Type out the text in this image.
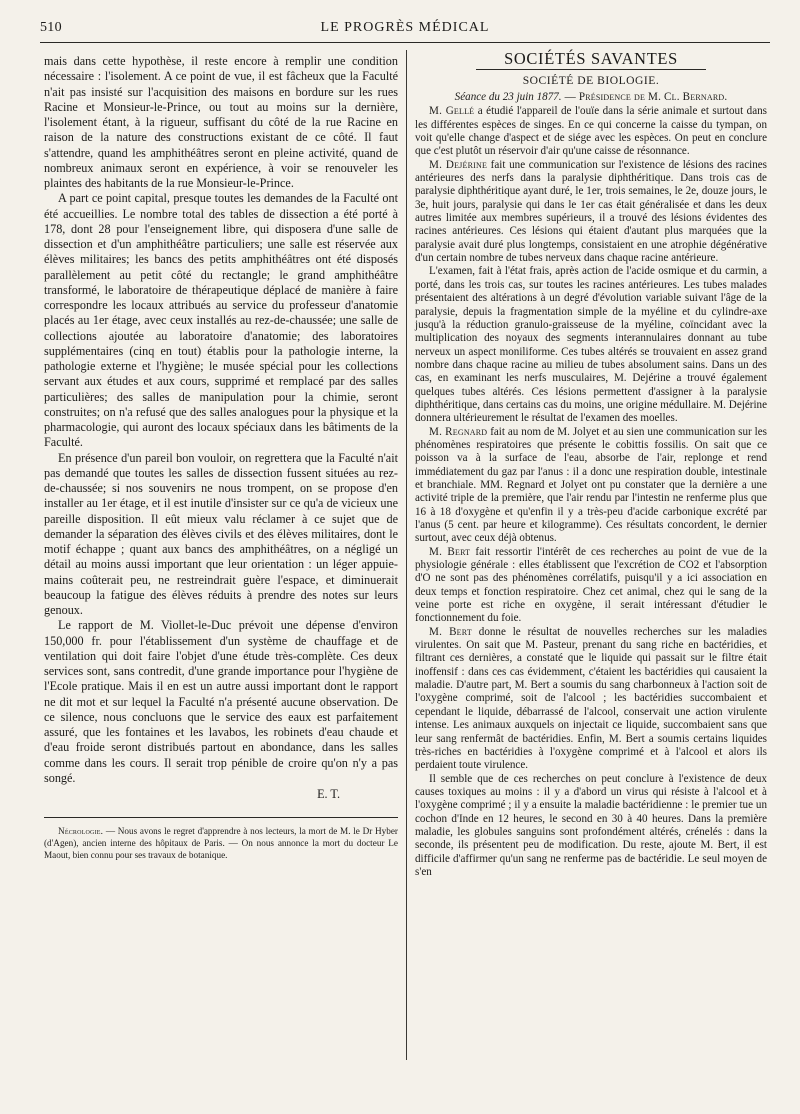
510	LE PROGRÈS MÉDICAL

mais dans cette hypothèse, il reste encore à remplir une condition nécessaire : l'isolement. A ce point de vue, il est fâcheux que la Faculté n'ait pas insisté sur l'acquisition des maisons en bordure sur les rues Racine et Monsieur-le-Prince, ou tout au moins sur la dernière, l'isolement étant, à la rigueur, suffisant du côté de la rue Racine en raison de la nature des constructions existant de ce côté. Il faut s'attendre, quand les amphithéâtres seront en pleine activité, quand de nombreux animaux seront en expérience, à voir se renouveler les plaintes des habitants de la rue Monsieur-le-Prince.

A part ce point capital, presque toutes les demandes de la Faculté ont été accueillies. Le nombre total des tables de dissection a été porté à 178, dont 28 pour l'enseignement libre, qui disposera d'une salle de dissection et d'un amphithéâtre particuliers; une salle est réservée aux élèves militaires; les bancs des petits amphithéâtres ont été disposés parallèlement au petit côté du rectangle; le grand amphithéâtre transformé, le laboratoire de thérapeutique déplacé de manière à faire correspondre les locaux attribués au service du professeur d'anatomie placés au 1er étage, avec ceux installés au rez-de-chaussée; une salle de collections ajoutée au laboratoire d'anatomie; des laboratoires supplémentaires (cinq en tout) établis pour la pathologie interne, la pathologie externe et l'hygiène; le musée spécial pour les collections servant aux études et aux cours, supprimé et remplacé par des salles particulières; des salles de manipulation pour la chimie, seront construites; on n'a refusé que des salles analogues pour la physique et la pharmacologie, qui auront des locaux spéciaux dans les bâtiments de la Faculté.

En présence d'un pareil bon vouloir, on regrettera que la Faculté n'ait pas demandé que toutes les salles de dissection fussent situées au rez-de-chaussée; si nos souvenirs ne nous trompent, on se propose d'en installer au 1er étage, et il est inutile d'insister sur ce qu'a de vicieux une pareille disposition. Il eût mieux valu réclamer à ce sujet que de demander la séparation des élèves civils et des élèves militaires, dont le motif échappe ; quant aux bancs des amphithéâtres, on a négligé un détail au moins aussi important que leur orientation : un léger appuie-mains coûterait peu, ne restreindrait guère l'espace, et diminuerait beaucoup la fatigue des élèves réduits à prendre des notes sur leurs genoux.

Le rapport de M. Viollet-le-Duc prévoit une dépense d'environ 150,000 fr. pour l'établissement d'un système de chauffage et de ventilation qui doit faire l'objet d'une étude très-complète. Ces deux services sont, sans contredit, d'une grande importance pour l'hygiène de l'Ecole pratique. Mais il en est un autre aussi important dont le rapport ne dit mot et sur lequel la Faculté n'a présenté aucune observation. De ce silence, nous concluons que le service des eaux est parfaitement assuré, que les fontaines et les lavabos, les robinets d'eau chaude et d'eau froide seront distribués partout en abondance, dans les salles comme dans les cours. Il serait trop pénible de croire qu'on n'y a pas songé.

E. T.

Nécrologie. — Nous avons le regret d'apprendre à nos lecteurs, la mort de M. le Dr Hyber (d'Agen), ancien interne des hôpitaux de Paris. — On nous annonce la mort du docteur Le Maout, bien connu pour ses travaux de botanique.

SOCIÉTÉS SAVANTES
SOCIÉTÉ DE BIOLOGIE.

Séance du 23 juin 1877. — Présidence de M. Cl. Bernard.

M. Gellé a étudié l'appareil de l'ouïe dans la série animale et surtout dans les différentes espèces de singes. En ce qui concerne la caisse du tympan, on voit qu'elle change d'aspect et de siége avec les espèces. On peut en conclure que c'est plutôt un réservoir d'air qu'une caisse de résonnance.

M. Dejérine fait une communication sur l'existence de lésions des racines antérieures des nerfs dans la paralysie diphthéritique. Dans trois cas de paralysie diphthéritique ayant duré, le 1er, trois semaines, le 2e, douze jours, le 3e, huit jours, paralysie qui dans le 1er cas était généralisée et dans les deux autres limitée aux membres supérieurs, il a trouvé des lésions évidentes des racines antérieures. Ces lésions qui étaient d'autant plus marquées que la paralysie avait duré plus longtemps, consistaient en une atrophie dégénérative d'un certain nombre de tubes nerveux dans chaque racine antérieure.

L'examen, fait à l'état frais, après action de l'acide osmique et du carmin, a porté, dans les trois cas, sur toutes les racines antérieures. Les tubes malades présentaient des altérations à un degré d'évolution variable suivant l'âge de la paralysie, depuis la fragmentation simple de la myéline et du cylindre-axe jusqu'à la réduction granulo-graisseuse de la myéline, coïncidant avec la multiplication des noyaux des segments interannulaires donnant au tube nerveux un aspect moniliforme. Ces tubes altérés se trouvaient en assez grand nombre dans chaque racine au milieu de tubes absolument sains. Dans un des cas, en examinant les nerfs musculaires, M. Dejérine a trouvé également quelques tubes altérés. Ces lésions permettent d'assigner à la paralysie diphthéritique, dans certains cas du moins, une origine médullaire. M. Dejérine donnera ultérieurement le résultat de l'examen des moelles.

M. Regnard fait au nom de M. Jolyet et au sien une communication sur les phénomènes respiratoires que présente le cobittis fossilis. On sait que ce poisson va à la surface de l'eau, absorbe de l'air, replonge et rend immédiatement du gaz par l'anus : il a donc une respiration double, intestinale et branchiale. MM. Regnard et Jolyet ont pu constater que la dernière a une activité triple de la première, que l'air rendu par l'intestin ne renferme plus que 16 à 18 d'oxygène et qu'enfin il y a très-peu d'acide carbonique excrété par l'anus (5 cent. par heure et kilogramme). Ces résultats concordent, le dernier surtout, avec ceux déjà obtenus.

M. Bert fait ressortir l'intérêt de ces recherches au point de vue de la physiologie générale : elles établissent que l'excrétion de CO2 et l'absorption d'O ne sont pas des phénomènes corrélatifs, puisqu'il y a ici association en deux temps et fonction respiratoire. Chez cet animal, chez qui le sang de la veine porte est riche en oxygène, il serait intéressant d'étudier le fonctionnement du foie.

M. Bert donne le résultat de nouvelles recherches sur les maladies virulentes. On sait que M. Pasteur, prenant du sang riche en bactéridies, et filtrant ces dernières, a constaté que le liquide qui passait sur le filtre était inoffensif : dans ces cas évidemment, c'étaient les bactéridies qui causaient la maladie. D'autre part, M. Bert a soumis du sang charbonneux à l'action soit de l'oxygène comprimé, soit de l'alcool ; les bactéridies succombaient et cependant le liquide, débarrassé de l'alcool, conservait une action virulente intense. Les animaux auxquels on injectait ce liquide, succombaient sans que leur sang renfermât de bactéridies. Enfin, M. Bert a soumis certains liquides très-riches en bactéridies à l'oxygène comprimé et à l'alcool et alors ils perdaient toute virulence.

Il semble que de ces recherches on peut conclure à l'existence de deux causes toxiques au moins : il y a d'abord un virus qui résiste à l'alcool et à l'oxygène comprimé ; il y a ensuite la maladie bactéridienne : le premier tue un cochon d'Inde en 12 heures, le second en 30 à 40 heures. Dans la première maladie, les globules sanguins sont profondément altérés, crénelés : dans la seconde, ils présentent peu de modification. Du reste, ajoute M. Bert, il est difficile d'affirmer qu'un sang ne renferme pas de bactéridie. Le seul moyen de s'en
